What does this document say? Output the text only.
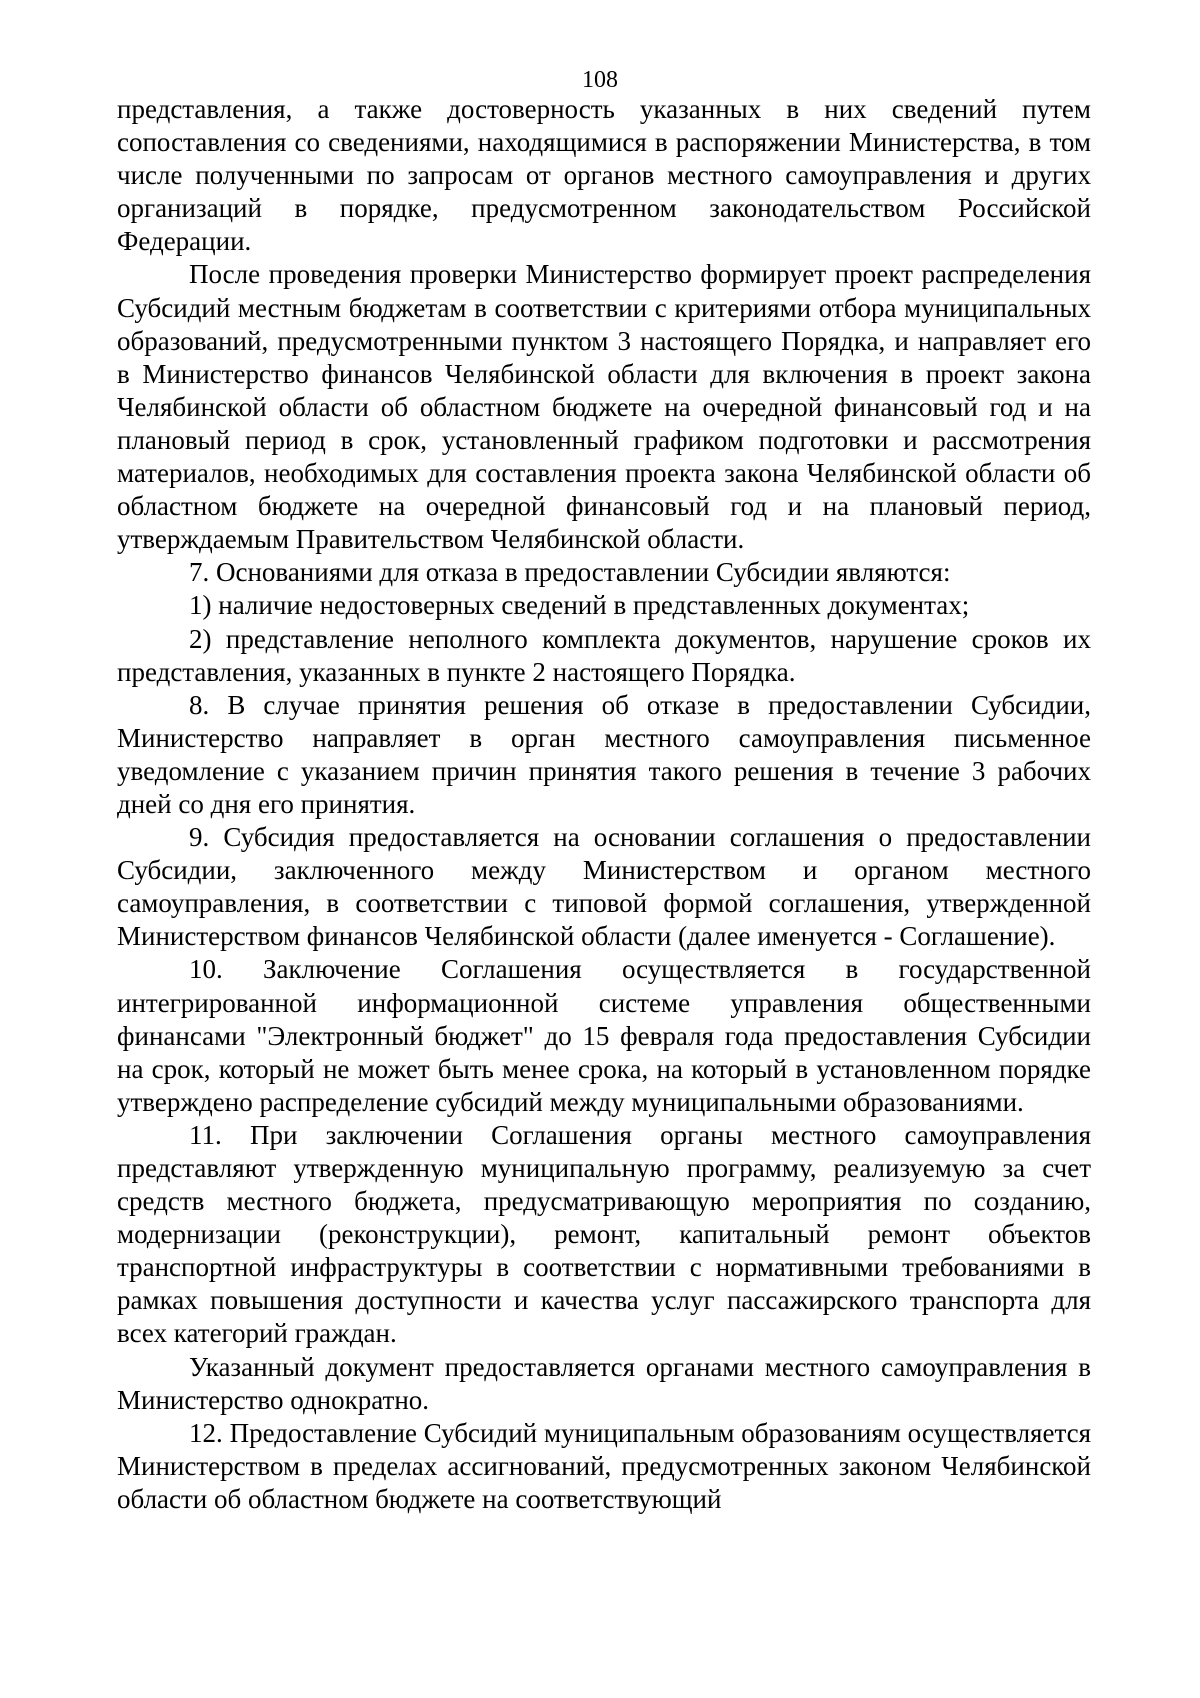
108

представления, а также достоверность указанных в них сведений путем сопоставления со сведениями, находящимися в распоряжении Министерства, в том числе полученными по запросам от органов местного самоуправления и других организаций в порядке, предусмотренном законодательством Российской Федерации.

После проведения проверки Министерство формирует проект распределения Субсидий местным бюджетам в соответствии с критериями отбора муниципальных образований, предусмотренными пунктом 3 настоящего Порядка, и направляет его в Министерство финансов Челябинской области для включения в проект закона Челябинской области об областном бюджете на очередной финансовый год и на плановый период в срок, установленный графиком подготовки и рассмотрения материалов, необходимых для составления проекта закона Челябинской области об областном бюджете на очередной финансовый год и на плановый период, утверждаемым Правительством Челябинской области.

7. Основаниями для отказа в предоставлении Субсидии являются:

1) наличие недостоверных сведений в представленных документах;

2) представление неполного комплекта документов, нарушение сроков их представления, указанных в пункте 2 настоящего Порядка.

8. В случае принятия решения об отказе в предоставлении Субсидии, Министерство направляет в орган местного самоуправления письменное уведомление с указанием причин принятия такого решения в течение 3 рабочих дней со дня его принятия.

9. Субсидия предоставляется на основании соглашения о предоставлении Субсидии, заключенного между Министерством и органом местного самоуправления, в соответствии с типовой формой соглашения, утвержденной Министерством финансов Челябинской области (далее именуется - Соглашение).

10. Заключение Соглашения осуществляется в государственной интегрированной информационной системе управления общественными финансами "Электронный бюджет" до 15 февраля года предоставления Субсидии на срок, который не может быть менее срока, на который в установленном порядке утверждено распределение субсидий между муниципальными образованиями.

11. При заключении Соглашения органы местного самоуправления представляют утвержденную муниципальную программу, реализуемую за счет средств местного бюджета, предусматривающую мероприятия по созданию, модернизации (реконструкции), ремонт, капитальный ремонт объектов транспортной инфраструктуры в соответствии с нормативными требованиями в рамках повышения доступности и качества услуг пассажирского транспорта для всех категорий граждан.

Указанный документ предоставляется органами местного самоуправления в Министерство однократно.

12. Предоставление Субсидий муниципальным образованиям осуществляется Министерством в пределах ассигнований, предусмотренных законом Челябинской области об областном бюджете на соответствующий
